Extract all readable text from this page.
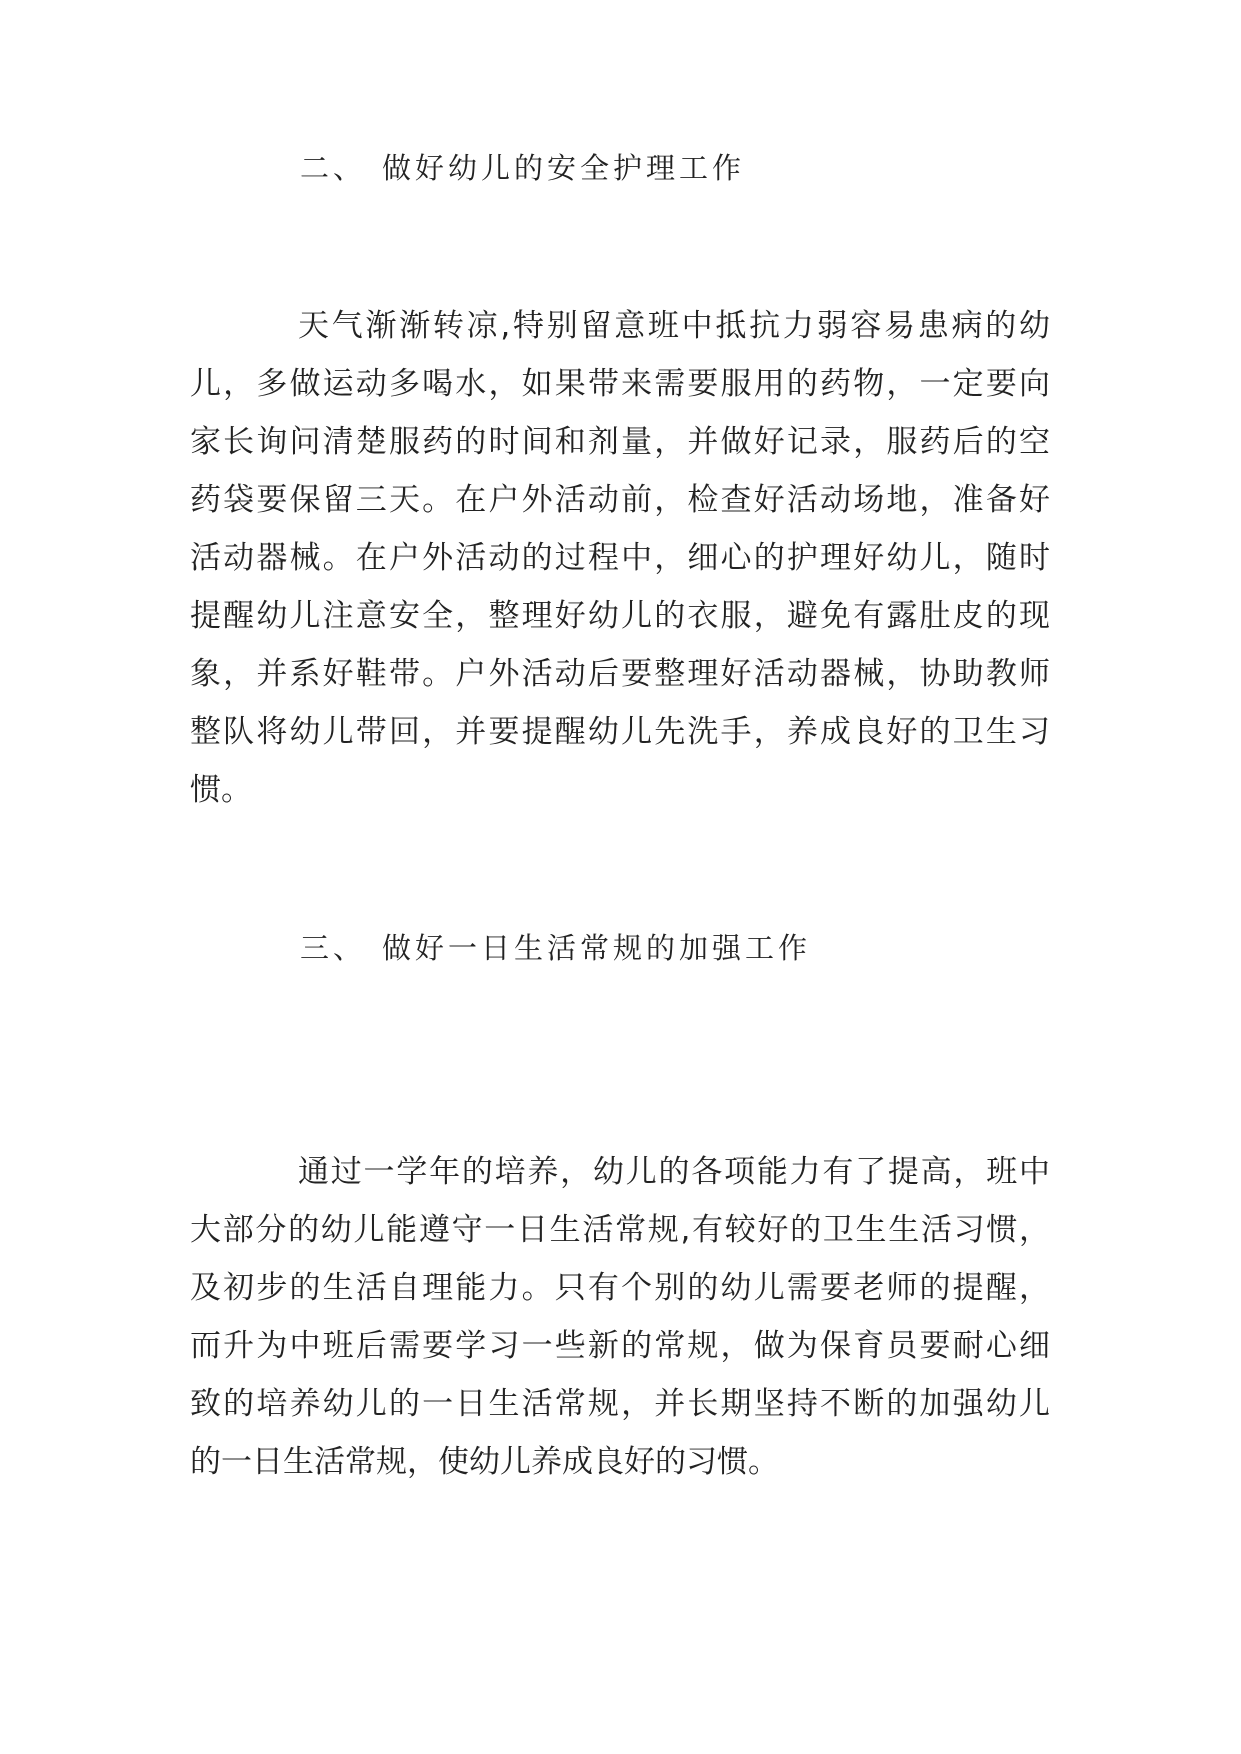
二、 做好幼儿的安全护理工作
天气渐渐转凉,特别留意班中抵抗力弱容易患病的幼
儿，多做运动多喝水，如果带来需要服用的药物，一定要向
家长询问清楚服药的时间和剂量，并做好记录，服药后的空
药袋要保留三天。在户外活动前，检查好活动场地，准备好
活动器械。在户外活动的过程中，细心的护理好幼儿，随时
提醒幼儿注意安全，整理好幼儿的衣服，避免有露肚皮的现
象，并系好鞋带。户外活动后要整理好活动器械，协助教师
整队将幼儿带回，并要提醒幼儿先洗手，养成良好的卫生习
惯。
三、 做好一日生活常规的加强工作
通过一学年的培养，幼儿的各项能力有了提高，班中
大部分的幼儿能遵守一日生活常规,有较好的卫生生活习惯，
及初步的生活自理能力。只有个别的幼儿需要老师的提醒，
而升为中班后需要学习一些新的常规，做为保育员要耐心细
致的培养幼儿的一日生活常规，并长期坚持不断的加强幼儿
的一日生活常规，使幼儿养成良好的习惯。
